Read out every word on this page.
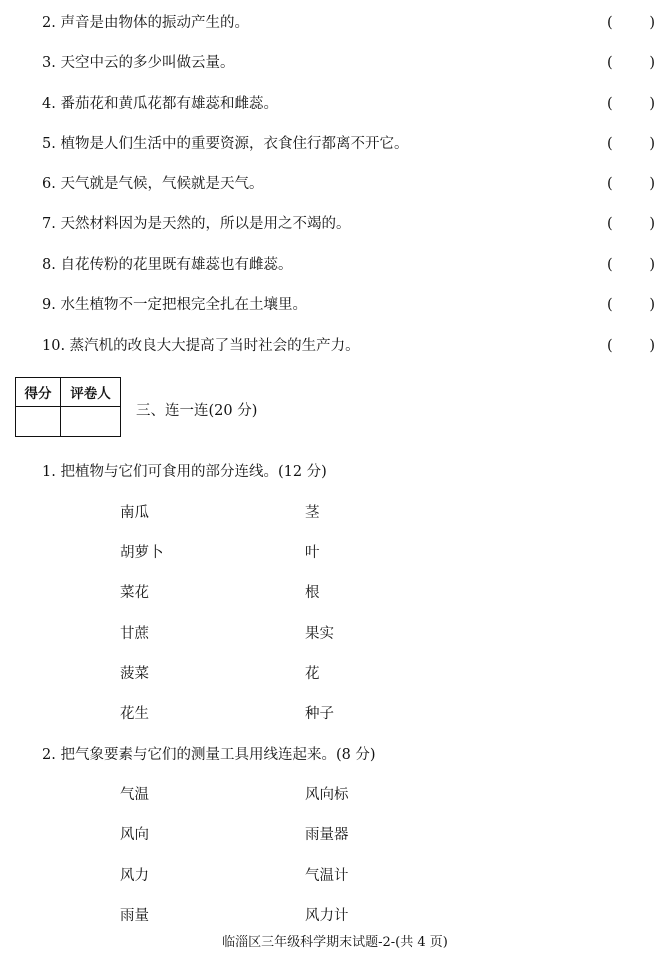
2. 声音是由物体的振动产生的。	(	)
3. 天空中云的多少叫做云量。	(	)
4. 番茄花和黄瓜花都有雄蕊和雌蕊。	(	)
5. 植物是人们生活中的重要资源，衣食住行都离不开它。	(	)
6. 天气就是气候，气候就是天气。	(	)
7. 天然材料因为是天然的，所以是用之不竭的。	(	)
8. 自花传粉的花里既有雄蕊也有雌蕊。	(	)
9. 水生植物不一定把根完全扎在土壤里。	(	)
10. 蒸汽机的改良大大提高了当时社会的生产力。	(	)
得分	评卷人

三、连一连(20 分)
1. 把植物与它们可食用的部分连线。(12 分)
南瓜	茎
胡萝卜	叶
菜花	根
甘蔗	果实
菠菜	花
花生	种子
2. 把气象要素与它们的测量工具用线连起来。(8 分)
气温	风向标
风向	雨量器
风力	气温计
雨量	风力计
临淄区三年级科学期末试题-2-(共 4 页)
